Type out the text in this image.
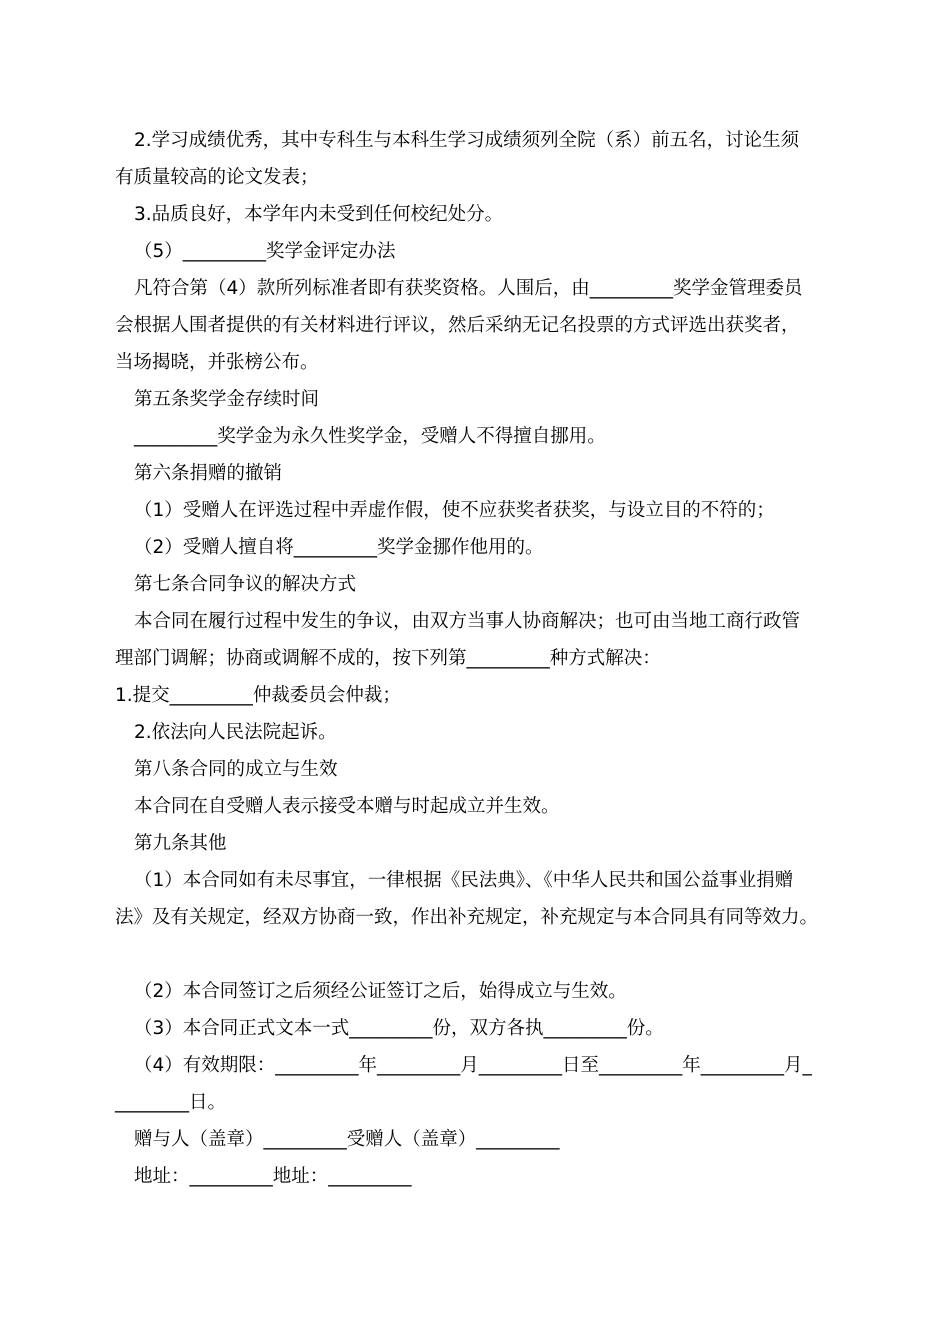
2.学习成绩优秀，其中专科生与本科生学习成绩须列全院（系）前五名，讨论生须
有质量较高的论文发表；
3.品质良好，本学年内未受到任何校纪处分。
（5）_________奖学金评定办法
凡符合第（4）款所列标准者即有获奖资格。人围后，由_________奖学金管理委员
会根据人围者提供的有关材料进行评议，然后采纳无记名投票的方式评选出获奖者，
当场揭晓，并张榜公布。
第五条奖学金存续时间
_________奖学金为永久性奖学金，受赠人不得擅自挪用。
第六条捐赠的撤销
（1）受赠人在评选过程中弄虚作假，使不应获奖者获奖，与设立目的不符的；
（2）受赠人擅自将_________奖学金挪作他用的。
第七条合同争议的解决方式
本合同在履行过程中发生的争议，由双方当事人协商解决；也可由当地工商行政管
理部门调解；协商或调解不成的，按下列第_________种方式解决：
1.提交_________仲裁委员会仲裁；
2.依法向人民法院起诉。
第八条合同的成立与生效
本合同在自受赠人表示接受本赠与时起成立并生效。
第九条其他
（1）本合同如有未尽事宜，一律根据《民法典》、《中华人民共和国公益事业捐赠
法》及有关规定，经双方协商一致，作出补充规定，补充规定与本合同具有同等效力。
（2）本合同签订之后须经公证签订之后，始得成立与生效。
（3）本合同正式文本一式_________份，双方各执_________份。
（4）有效期限：_________年_________月_________日至_________年_________月_
________日。
赠与人（盖章）_________受赠人（盖章）_________
地址：_________地址：_________
